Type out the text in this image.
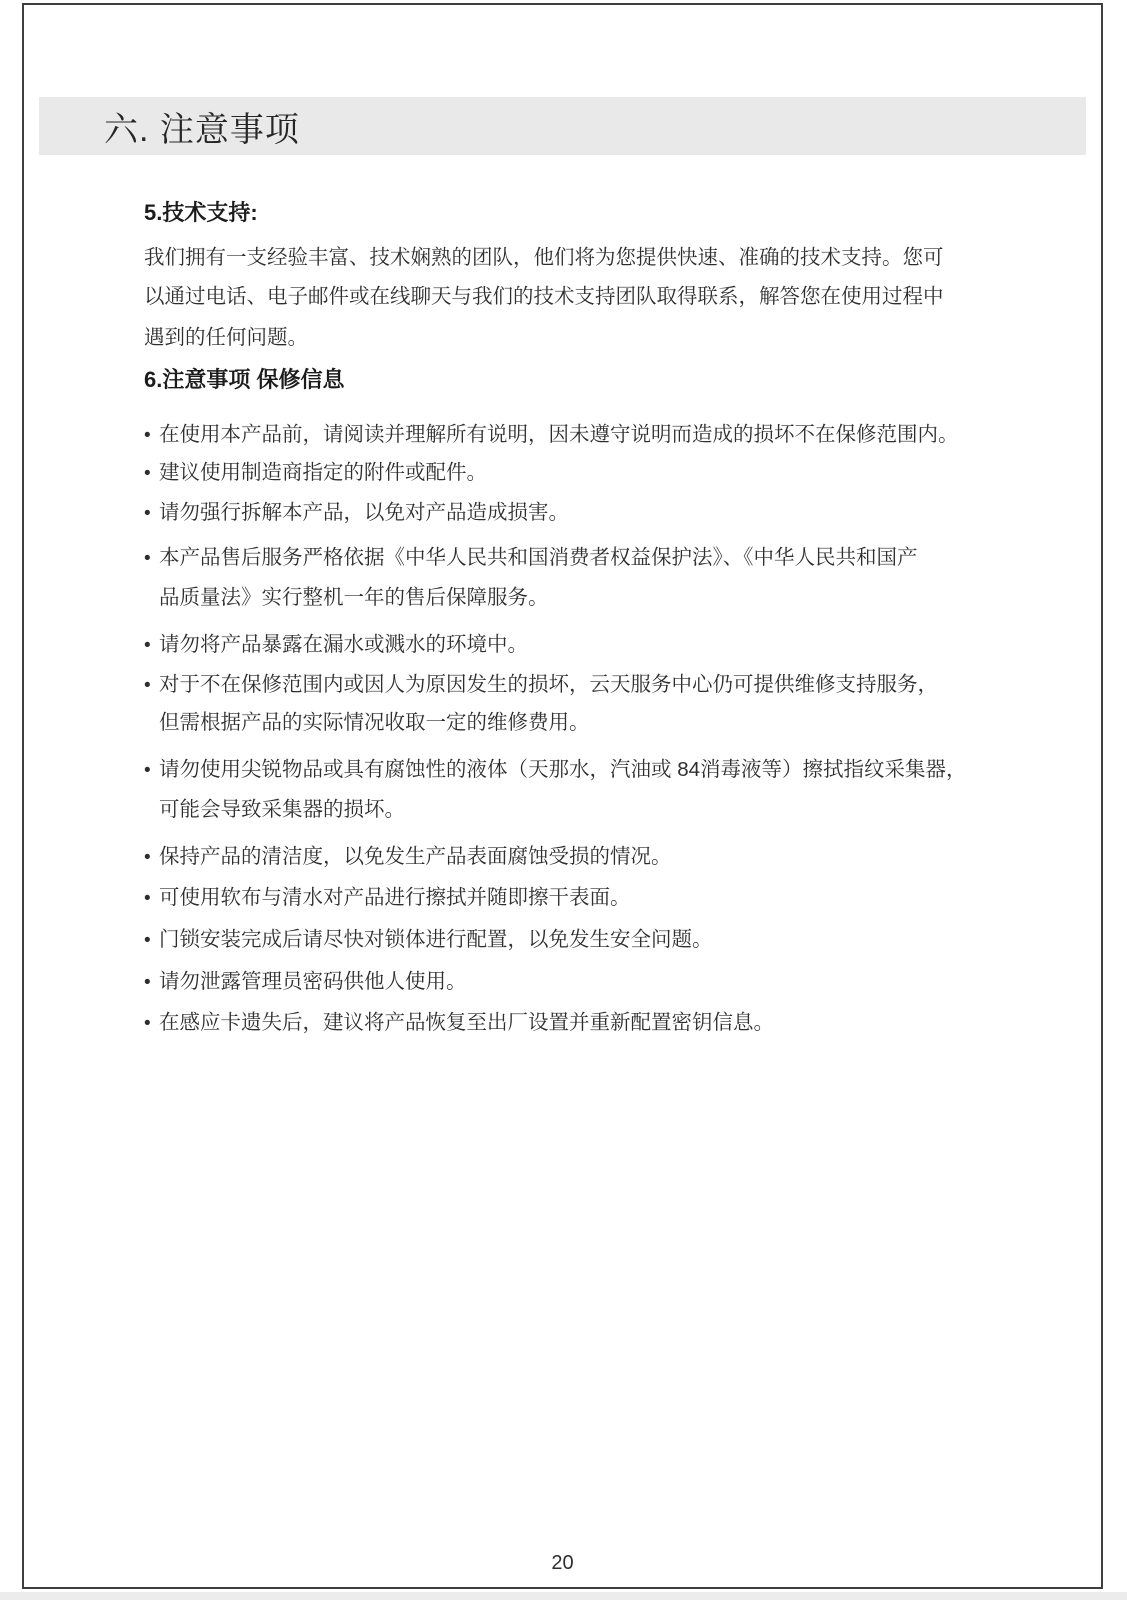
六. 注意事项
5.技术支持:
我们拥有一支经验丰富、技术娴熟的团队，他们将为您提供快速、准确的技术支持。您可
以通过电话、电子邮件或在线聊天与我们的技术支持团队取得联系，解答您在使用过程中
遇到的任何问题。
6.注意事项 保修信息
• 在使用本产品前，请阅读并理解所有说明，因未遵守说明而造成的损坏不在保修范围内。
• 建议使用制造商指定的附件或配件。
• 请勿强行拆解本产品，以免对产品造成损害。
• 本产品售后服务严格依据《中华人民共和国消费者权益保护法》、《中华人民共和国产
品质量法》实行整机一年的售后保障服务。
• 请勿将产品暴露在漏水或溅水的环境中。
• 对于不在保修范围内或因人为原因发生的损坏，云天服务中心仍可提供维修支持服务，
但需根据产品的实际情况收取一定的维修费用。
• 请勿使用尖锐物品或具有腐蚀性的液体（天那水，汽油或 84消毒液等）擦拭指纹采集器，
可能会导致采集器的损坏。
• 保持产品的清洁度，以免发生产品表面腐蚀受损的情况。
• 可使用软布与清水对产品进行擦拭并随即擦干表面。
• 门锁安装完成后请尽快对锁体进行配置，以免发生安全问题。
• 请勿泄露管理员密码供他人使用。
• 在感应卡遗失后，建议将产品恢复至出厂设置并重新配置密钥信息。
20
